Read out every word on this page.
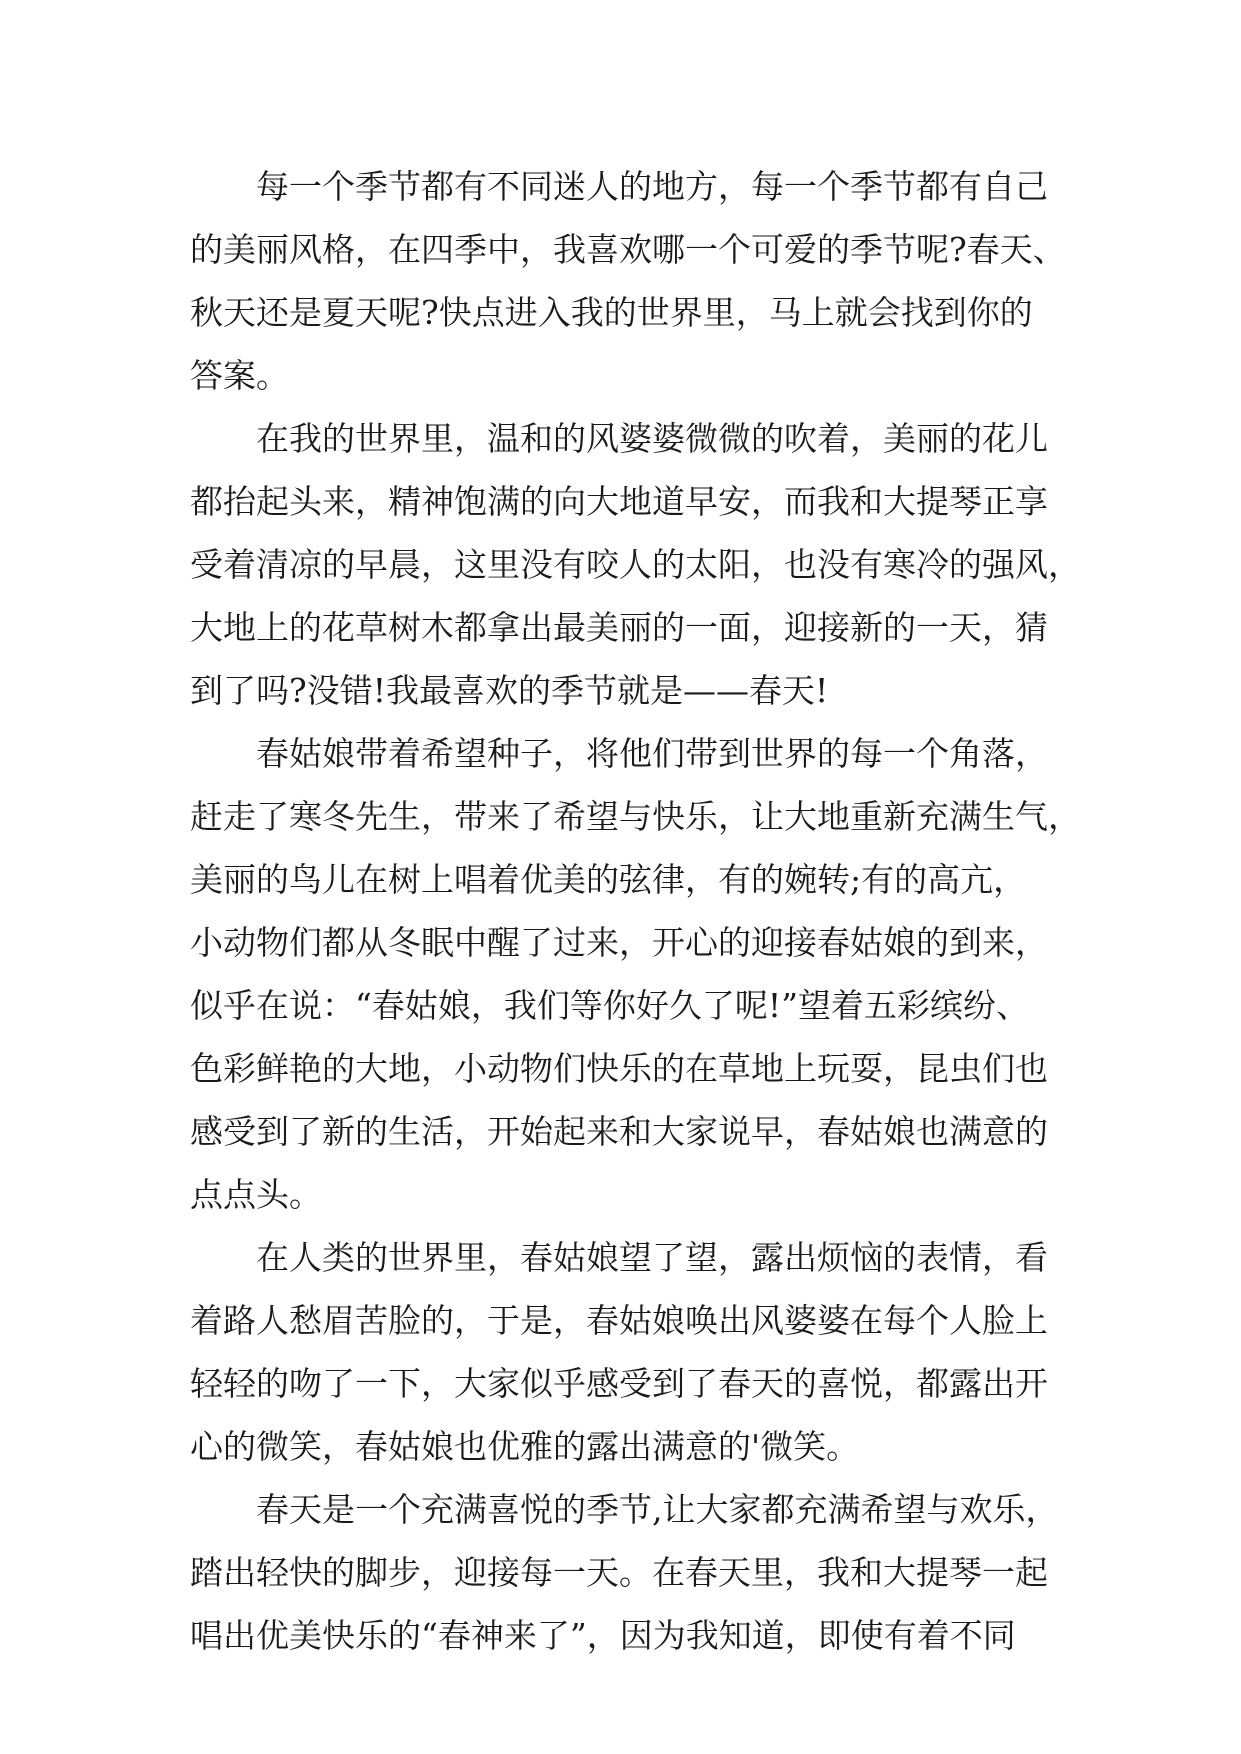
每一个季节都有不同迷人的地方，每一个季节都有自己
的美丽风格，在四季中，我喜欢哪一个可爱的季节呢?春天、
秋天还是夏天呢?快点进入我的世界里，马上就会找到你的
答案。
在我的世界里，温和的风婆婆微微的吹着，美丽的花儿
都抬起头来，精神饱满的向大地道早安，而我和大提琴正享
受着清凉的早晨，这里没有咬人的太阳，也没有寒冷的强风，
大地上的花草树木都拿出最美丽的一面，迎接新的一天，猜
到了吗?没错!我最喜欢的季节就是——春天!
春姑娘带着希望种子，将他们带到世界的每一个角落，
赶走了寒冬先生，带来了希望与快乐，让大地重新充满生气，
美丽的鸟儿在树上唱着优美的弦律，有的婉转;有的高亢，
小动物们都从冬眠中醒了过来，开心的迎接春姑娘的到来，
似乎在说：“春姑娘，我们等你好久了呢!”望着五彩缤纷、
色彩鲜艳的大地，小动物们快乐的在草地上玩耍，昆虫们也
感受到了新的生活，开始起来和大家说早，春姑娘也满意的
点点头。
在人类的世界里，春姑娘望了望，露出烦恼的表情，看
着路人愁眉苦脸的，于是，春姑娘唤出风婆婆在每个人脸上
轻轻的吻了一下，大家似乎感受到了春天的喜悦，都露出开
心的微笑，春姑娘也优雅的露出满意的'微笑。
春天是一个充满喜悦的季节,让大家都充满希望与欢乐，
踏出轻快的脚步，迎接每一天。在春天里，我和大提琴一起
唱出优美快乐的“春神来了”，因为我知道，即使有着不同
